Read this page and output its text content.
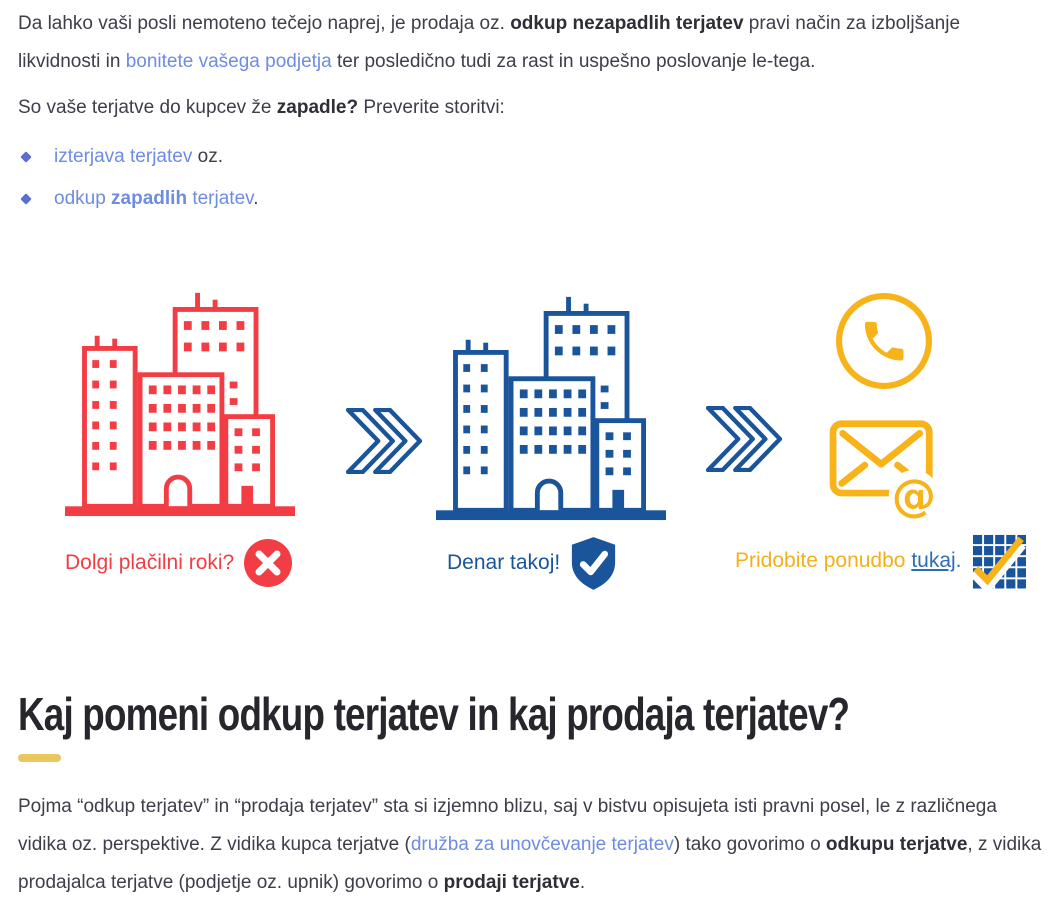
Da lahko vaši posli nemoteno tečejo naprej, je prodaja oz. odkup nezapadlih terjatev pravi način za izboljšanje likvidnosti in bonitete vašega podjetja ter posledično tudi za rast in uspešno poslovanje le-tega.

So vaše terjatve do kupcev že zapadle? Preverite storitvi:

izterjava terjatev oz.
odkup zapadlih terjatev.
Dolgi plačilni roki?	Denar takoj!
@
Pridobite ponudbo tukaj.
Kaj pomeni odkup terjatev in kaj prodaja terjatev?

Pojma “odkup terjatev” in “prodaja terjatev” sta si izjemno blizu, saj v bistvu opisujeta isti pravni posel, le z različnega vidika oz. perspektive. Z vidika kupca terjatve (družba za unovčevanje terjatev) tako govorimo o odkupu terjatve, z vidika prodajalca terjatve (podjetje oz. upnik) govorimo o prodaji terjatve.
